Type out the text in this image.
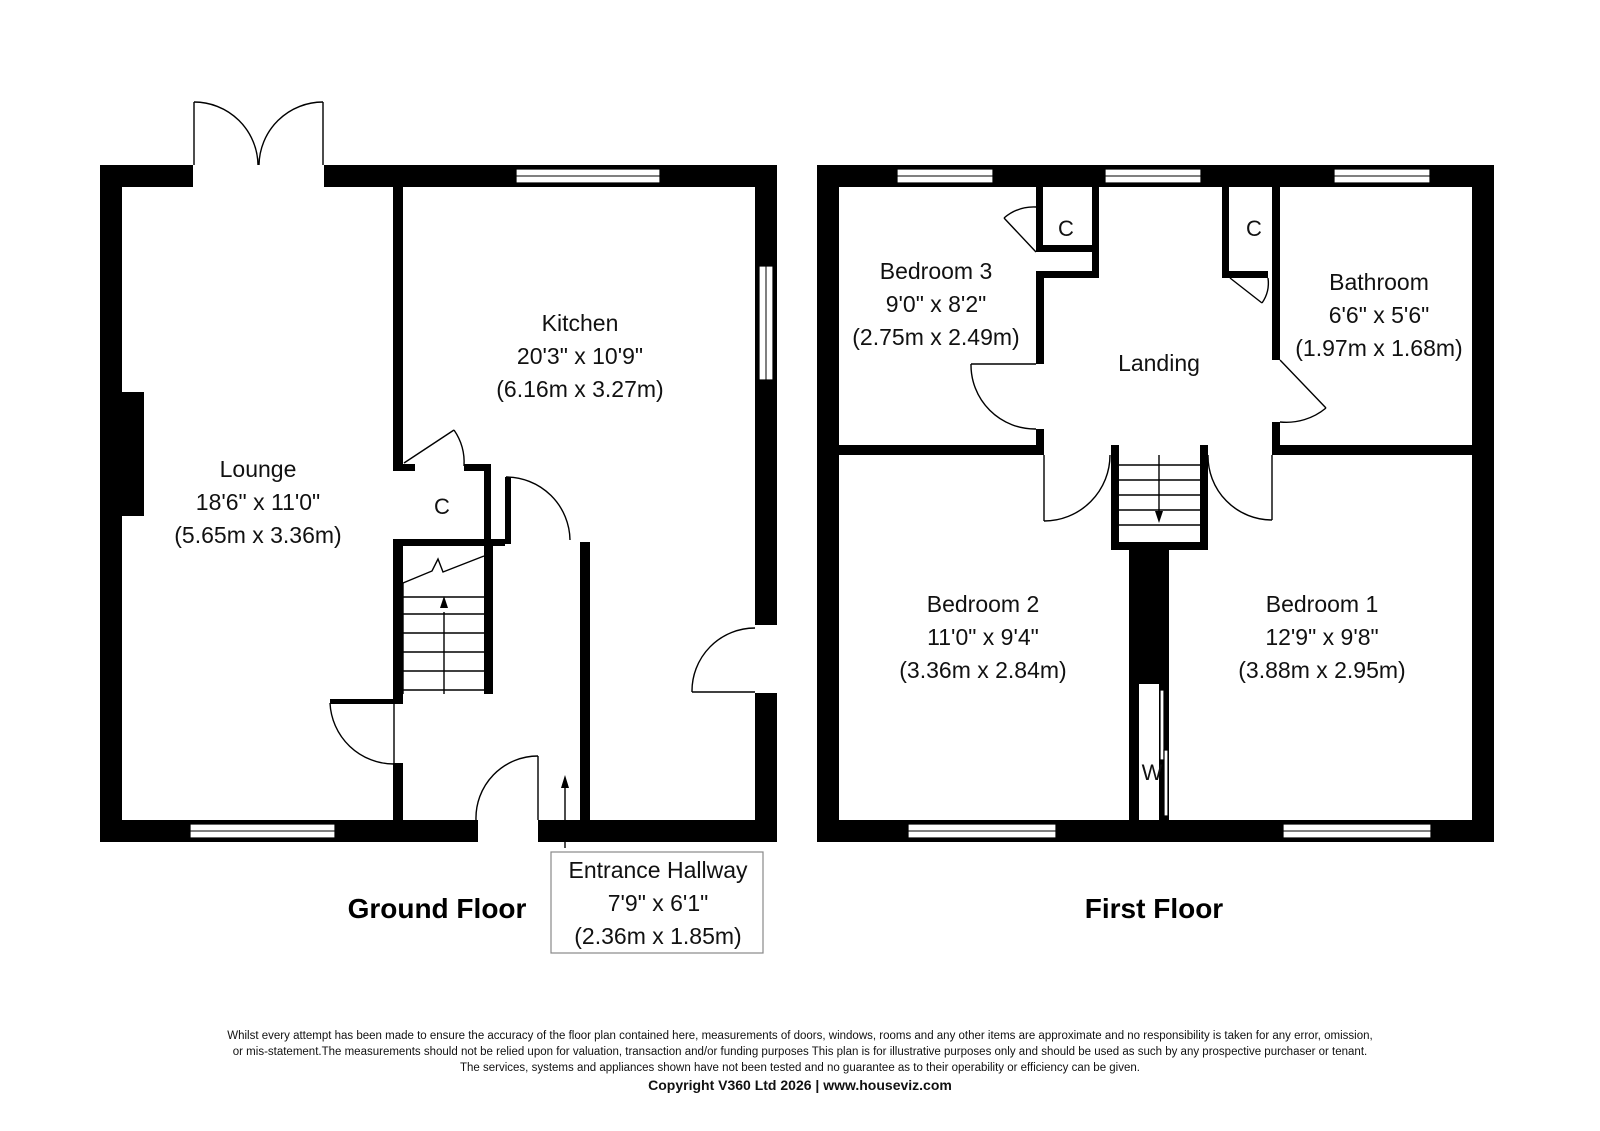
Lounge
18'6" x 11'0"
(5.65m x 3.36m)
Kitchen
20'3" x 10'9"
(6.16m x 3.27m)
C
Entrance Hallway
7'9" x 6'1"
(2.36m x 1.85m)
Ground Floor
Bedroom 3
9'0" x 8'2"
(2.75m x 2.49m)
Bathroom
6'6" x 5'6"
(1.97m x 1.68m)
Landing
C	C
W
Bedroom 2
11'0" x 9'4"
(3.36m x 2.84m)
Bedroom 1
12'9" x 9'8"
(3.88m x 2.95m)
First Floor

Whilst every attempt has been made to ensure the accuracy of the floor plan contained here, measurements of doors, windows, rooms and any other items are approximate and no responsibility is taken for any error, omission,

or mis-statement.The measurements should not be relied upon for valuation, transaction and/or funding purposes This plan is for illustrative purposes only and should be used as such by any prospective purchaser or tenant.

The services, systems and appliances shown have not been tested and no guarantee as to their operability or efficiency can be given.

Copyright V360 Ltd 2026 | www.houseviz.com
